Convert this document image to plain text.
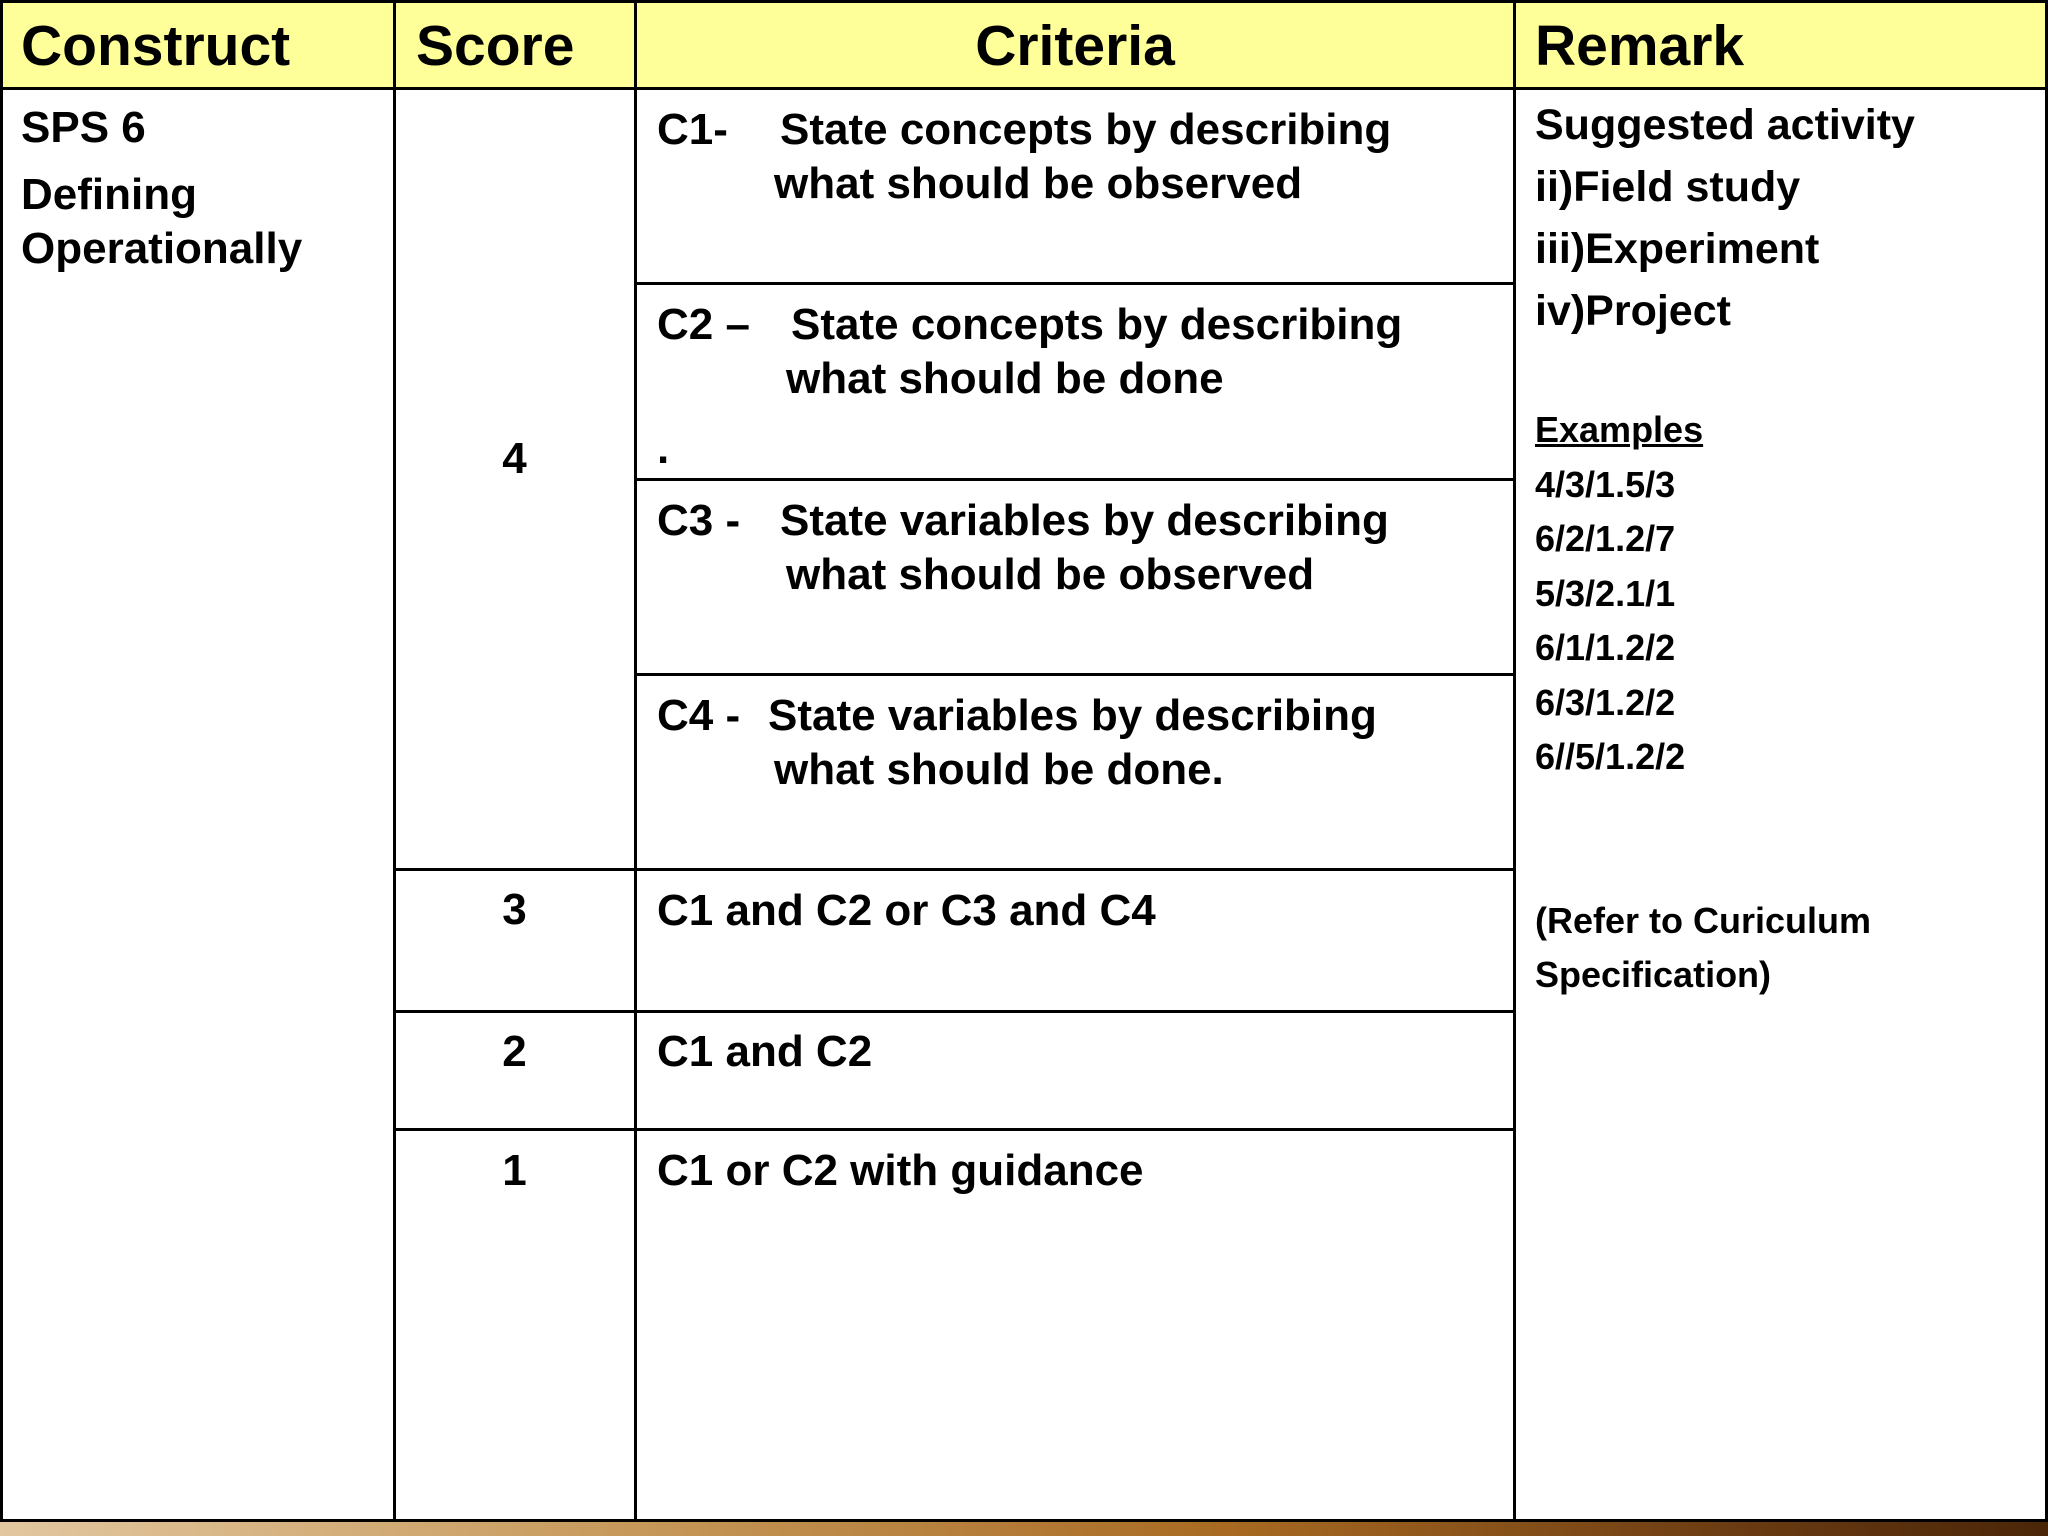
Construct Score	Criteria	Remark
SPS 6
Defining
Operationally
4
3
2
1
C1- State concepts by describing
what should be observed
C2 – State concepts by describing
what should be done
.
C3 - State variables by describing
what should be observed
C4 - State variables by describing
what should be done.
C1 and C2 or C3 and C4
C1 and C2
C1 or C2 with guidance
Suggested activity
ii)Field study
iii)Experiment
iv)Project
Examples
4/3/1.5/3
6/2/1.2/7
5/3/2.1/1
6/1/1.2/2
6/3/1.2/2
6//5/1.2/2
(Refer to Curiculum
Specification)
